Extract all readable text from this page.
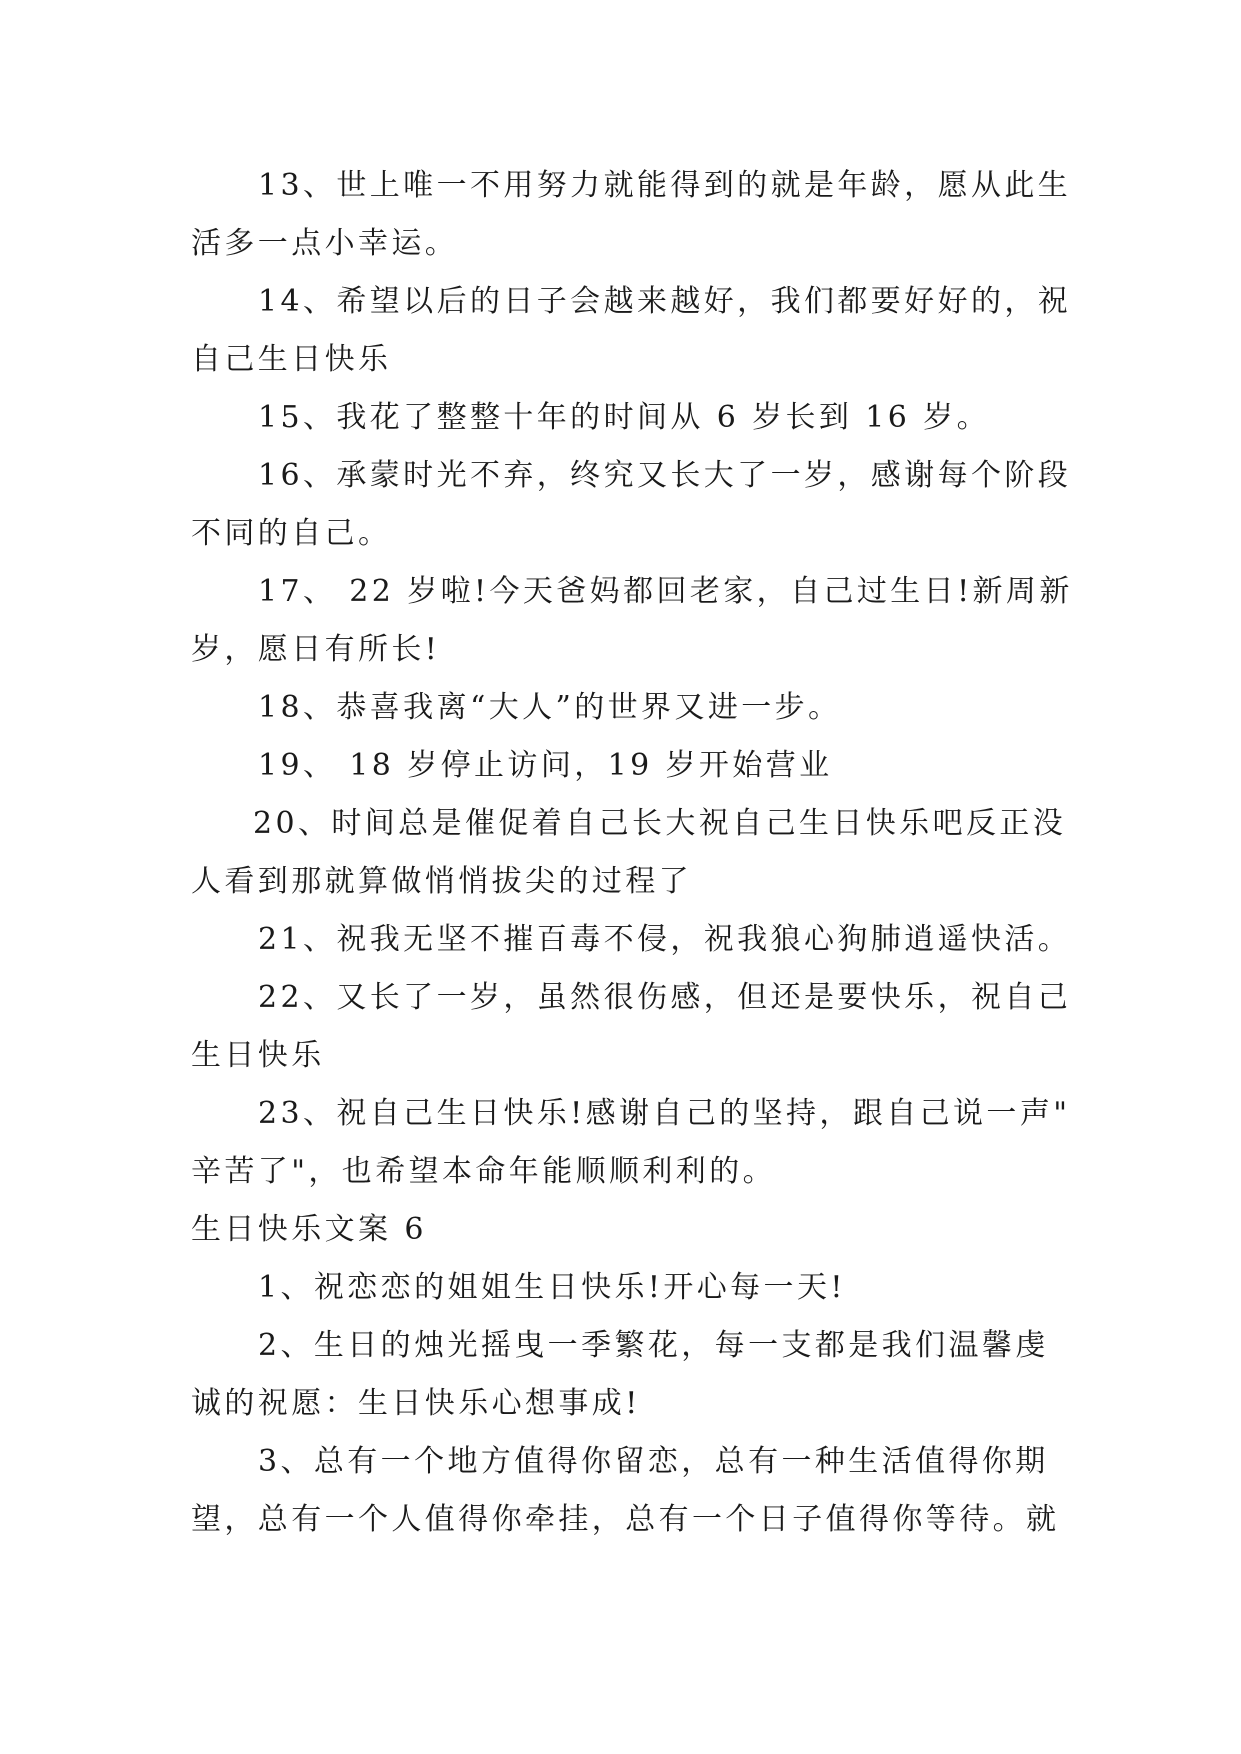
13、世上唯一不用努力就能得到的就是年龄，愿从此生
活多一点小幸运。
14、希望以后的日子会越来越好，我们都要好好的，祝
自己生日快乐
15、我花了整整十年的时间从 6 岁长到 16 岁。
16、承蒙时光不弃，终究又长大了一岁，感谢每个阶段
不同的自己。
17、 22 岁啦!今天爸妈都回老家，自己过生日!新周新
岁，愿日有所长!
18、恭喜我离“大人”的世界又进一步。
19、 18 岁停止访问，19 岁开始营业
20、时间总是催促着自己长大祝自己生日快乐吧反正没
人看到那就算做悄悄拔尖的过程了
21、祝我无坚不摧百毒不侵，祝我狼心狗肺逍遥快活。
22、又长了一岁，虽然很伤感，但还是要快乐，祝自己
生日快乐
23、祝自己生日快乐!感谢自己的坚持，跟自己说一声"
辛苦了"，也希望本命年能顺顺利利的。
生日快乐文案 6
1、祝恋恋的姐姐生日快乐!开心每一天!
2、生日的烛光摇曳一季繁花，每一支都是我们温馨虔
诚的祝愿：生日快乐心想事成!
3、总有一个地方值得你留恋，总有一种生活值得你期
望，总有一个人值得你牵挂，总有一个日子值得你等待。就
